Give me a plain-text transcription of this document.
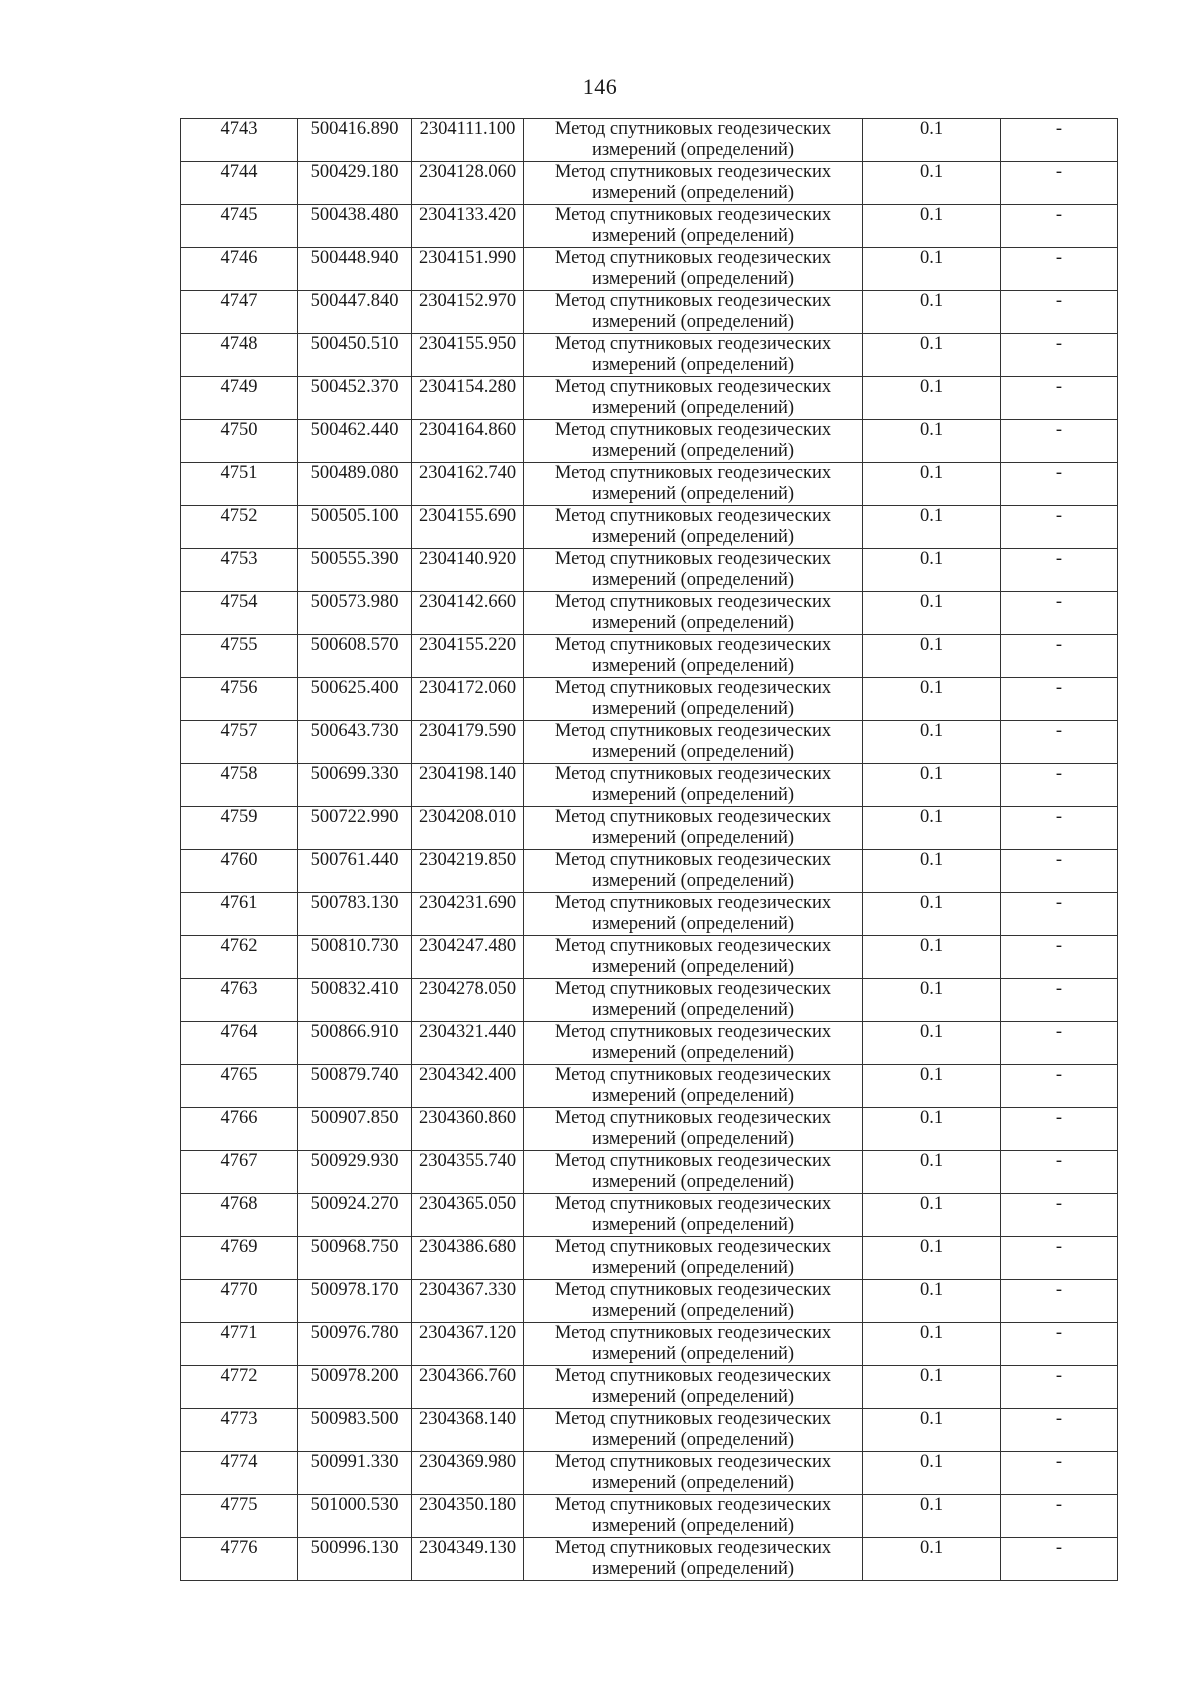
146
4743	500416.890	2304111.100	Метод спутниковых геодезических измерений (определений)	0.1	-
4744	500429.180	2304128.060	Метод спутниковых геодезических измерений (определений)	0.1	-
4745	500438.480	2304133.420	Метод спутниковых геодезических измерений (определений)	0.1	-
4746	500448.940	2304151.990	Метод спутниковых геодезических измерений (определений)	0.1	-
4747	500447.840	2304152.970	Метод спутниковых геодезических измерений (определений)	0.1	-
4748	500450.510	2304155.950	Метод спутниковых геодезических измерений (определений)	0.1	-
4749	500452.370	2304154.280	Метод спутниковых геодезических измерений (определений)	0.1	-
4750	500462.440	2304164.860	Метод спутниковых геодезических измерений (определений)	0.1	-
4751	500489.080	2304162.740	Метод спутниковых геодезических измерений (определений)	0.1	-
4752	500505.100	2304155.690	Метод спутниковых геодезических измерений (определений)	0.1	-
4753	500555.390	2304140.920	Метод спутниковых геодезических измерений (определений)	0.1	-
4754	500573.980	2304142.660	Метод спутниковых геодезических измерений (определений)	0.1	-
4755	500608.570	2304155.220	Метод спутниковых геодезических измерений (определений)	0.1	-
4756	500625.400	2304172.060	Метод спутниковых геодезических измерений (определений)	0.1	-
4757	500643.730	2304179.590	Метод спутниковых геодезических измерений (определений)	0.1	-
4758	500699.330	2304198.140	Метод спутниковых геодезических измерений (определений)	0.1	-
4759	500722.990	2304208.010	Метод спутниковых геодезических измерений (определений)	0.1	-
4760	500761.440	2304219.850	Метод спутниковых геодезических измерений (определений)	0.1	-
4761	500783.130	2304231.690	Метод спутниковых геодезических измерений (определений)	0.1	-
4762	500810.730	2304247.480	Метод спутниковых геодезических измерений (определений)	0.1	-
4763	500832.410	2304278.050	Метод спутниковых геодезических измерений (определений)	0.1	-
4764	500866.910	2304321.440	Метод спутниковых геодезических измерений (определений)	0.1	-
4765	500879.740	2304342.400	Метод спутниковых геодезических измерений (определений)	0.1	-
4766	500907.850	2304360.860	Метод спутниковых геодезических измерений (определений)	0.1	-
4767	500929.930	2304355.740	Метод спутниковых геодезических измерений (определений)	0.1	-
4768	500924.270	2304365.050	Метод спутниковых геодезических измерений (определений)	0.1	-
4769	500968.750	2304386.680	Метод спутниковых геодезических измерений (определений)	0.1	-
4770	500978.170	2304367.330	Метод спутниковых геодезических измерений (определений)	0.1	-
4771	500976.780	2304367.120	Метод спутниковых геодезических измерений (определений)	0.1	-
4772	500978.200	2304366.760	Метод спутниковых геодезических измерений (определений)	0.1	-
4773	500983.500	2304368.140	Метод спутниковых геодезических измерений (определений)	0.1	-
4774	500991.330	2304369.980	Метод спутниковых геодезических измерений (определений)	0.1	-
4775	501000.530	2304350.180	Метод спутниковых геодезических измерений (определений)	0.1	-
4776	500996.130	2304349.130	Метод спутниковых геодезических измерений (определений)	0.1	-
